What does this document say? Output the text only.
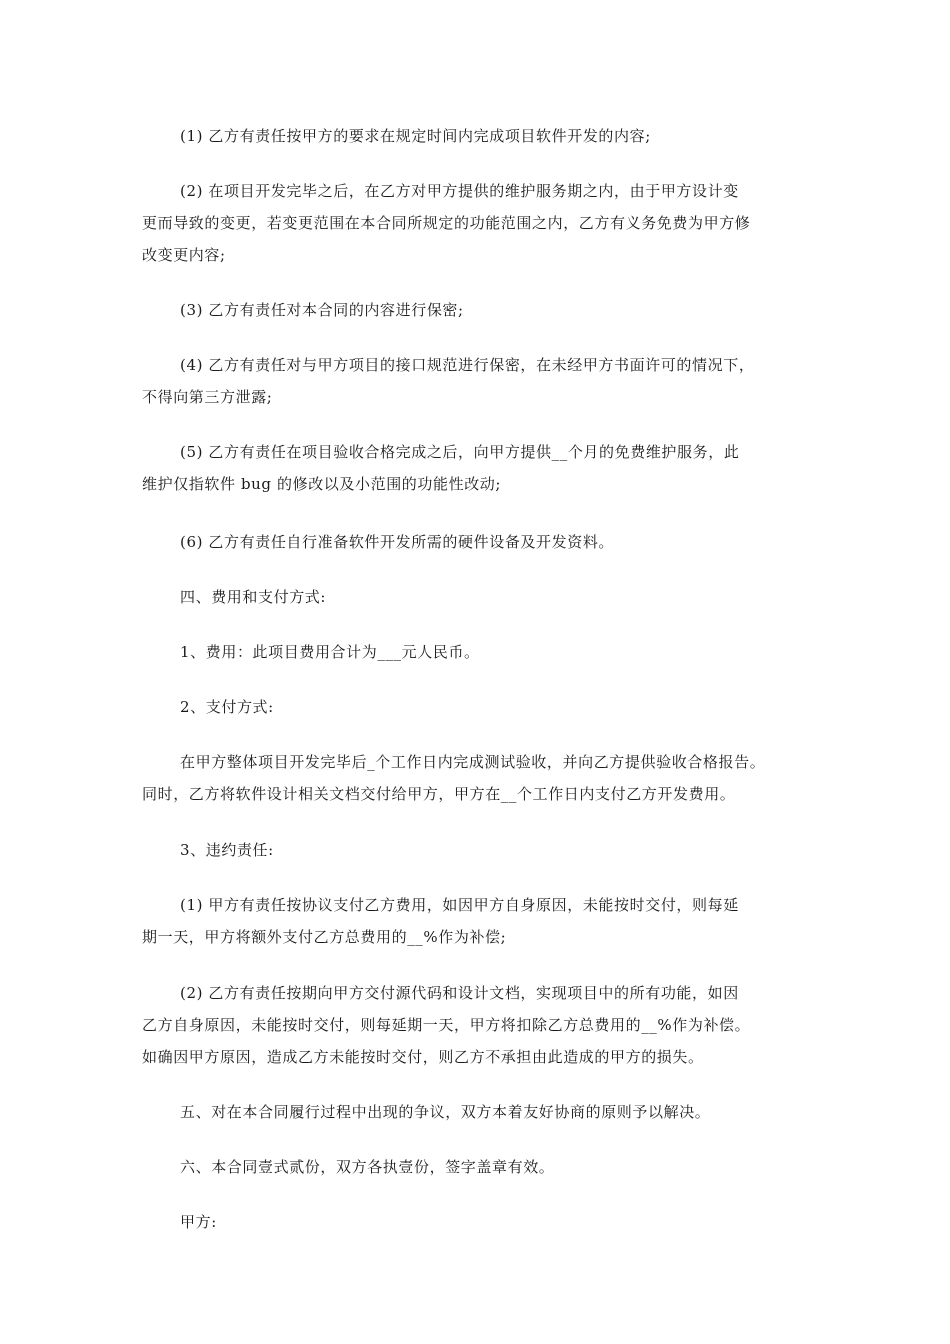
(1) 乙方有责任按甲方的要求在规定时间内完成项目软件开发的内容;
(2) 在项目开发完毕之后，在乙方对甲方提供的维护服务期之内，由于甲方设计变
更而导致的变更，若变更范围在本合同所规定的功能范围之内，乙方有义务免费为甲方修
改变更内容;
(3) 乙方有责任对本合同的内容进行保密;
(4) 乙方有责任对与甲方项目的接口规范进行保密，在未经甲方书面许可的情况下，
不得向第三方泄露;
(5) 乙方有责任在项目验收合格完成之后，向甲方提供__个月的免费维护服务，此
维护仅指软件 bug 的修改以及小范围的功能性改动;
(6) 乙方有责任自行准备软件开发所需的硬件设备及开发资料。
四、费用和支付方式:
1、费用：此项目费用合计为___元人民币。
2、支付方式:
在甲方整体项目开发完毕后_个工作日内完成测试验收，并向乙方提供验收合格报告。
同时，乙方将软件设计相关文档交付给甲方，甲方在__个工作日内支付乙方开发费用。
3、违约责任:
(1) 甲方有责任按协议支付乙方费用，如因甲方自身原因，未能按时交付，则每延
期一天，甲方将额外支付乙方总费用的__%作为补偿;
(2) 乙方有责任按期向甲方交付源代码和设计文档，实现项目中的所有功能，如因
乙方自身原因，未能按时交付，则每延期一天，甲方将扣除乙方总费用的__%作为补偿。
如确因甲方原因，造成乙方未能按时交付，则乙方不承担由此造成的甲方的损失。
五、对在本合同履行过程中出现的争议，双方本着友好协商的原则予以解决。
六、本合同壹式贰份，双方各执壹份，签字盖章有效。
甲方:
